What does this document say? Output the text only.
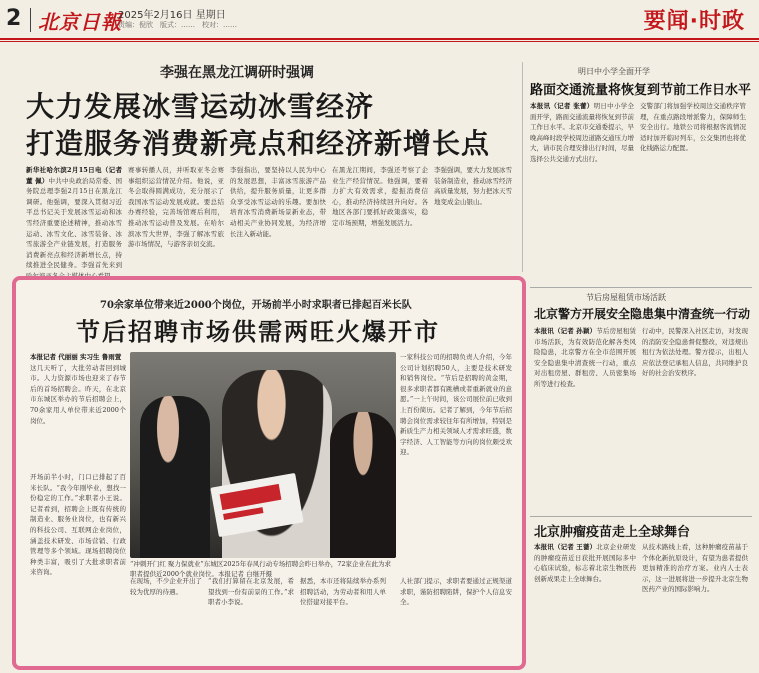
2 北京日報
2025年2月16日 星期日
责编：倪欣　版式：……　校对：……	要闻·时政
李强在黑龙江调研时强调
大力发展冰雪运动冰雪经济
打造服务消费新亮点和经济新增长点
新华社哈尔滨2月15日电（记者 董 佩）中共中央政治局常委、国务院总理李强2月15日在黑龙江调研。他强调，要深入贯彻习近平总书记关于发展冰雪运动和冰雪经济重要论述精神，推动冰雪运动、冰雪文化、冰雪装备、冰雪旅游全产业链发展，打造服务消费新亮点和经济新增长点，持续推进全民健身。李强首先来到
赛事转播人员，并听取亚冬会赛事组织运营情况介绍。他说，亚冬会取得圆满成功，充分展示了我国冰雪运动发展成就。要总结办赛经验，完善场馆赛后利用，推动冰雪运动普及发展。在哈尔滨冰雪大世界，李强了解冰雪旅游市场情况，与游客亲切交流。
李强指出，要坚持以人民为中心的发展思想，丰富冰雪旅游产品供给，提升服务质量，让更多群众享受冰雪运动的乐趣。要加快培育冰雪消费新场景新业态，带动相关产业协同发展，为经济增长注入新动能。
在黑龙江期间，李强还考察了企业生产经营情况。他强调，要着力扩大有效需求，提振消费信心，推动经济持续回升向好。各地区各部门要抓好政策落实，稳定市场预期，增强发展活力。
李强强调，要大力发展冰雪装备制造业，推动冰雪经济高质量发展，努力把冰天雪地变成金山银山。
明日中小学全面开学
路面交通流量将恢复到节前工作日水平
本报讯（记者 张蕾）明日中小学全面开学，路面交通流量将恢复到节前工作日水平。北京市交通委提示，早晚高峰时段学校周边道路交通压力增大，请市民合理安排出行时间，尽量选择公共交通方式出行。
交警部门将加强学校周边交通秩序管理，在重点路段增派警力，保障师生安全出行。地铁公司将根据客流情况适时加开临时列车，公交集团也将优化线路运力配置。
70余家单位带来近2000个岗位，开场前半小时求职者已排起百米长队
节后招聘市场供需两旺火爆开市
本报记者 代丽丽 实习生 鲁雨萱
这几天听了，大批劳动者回到城市。人力资源市场也迎来了春节后的首场招聘会。昨天，在北京市东城区举办的节后招聘会上，70余家用人单位带来近2000个岗位。
“冲刺开门红 聚力保就业”东城区2025年春风行动专场招聘会昨日举办，72家企业在此为求职者提供近2000个就业岗位。本报记者 白继开摄
开场前半小时，门口已排起了百米长队。“我今年刚毕业，想找一份稳定的工作。”求职者小王说。记者看到，招聘会上既有传统的制造业、服务业岗位，也有新兴的科技公司、互联网企业岗位，涵盖技术研发、市场营销、行政管理等多个领域。现场招聘岗位种类丰富，吸引了大批求职者前来咨询。
一家科技公司的招聘负责人介绍，今年公司计划招聘50人，主要是技术研发和销售岗位。“节后是招聘的黄金期，很多求职者都有跳槽或者重新就业的意愿。”一上午时间，该公司展位前已收到上百份简历。记者了解到，今年节后招聘会岗位需求较往年有所增加，特别是新质生产力相关领域人才需求旺盛，数字经济、人工智能等方向的岗位颇受欢迎。
在现场，不少企业开出了较为优厚的待遇。
“我们打算留在北京发展，希望找到一份有前景的工作。”求职者小李说。
据悉，本市还将陆续举办系列招聘活动，为劳动者和用人单位搭建对接平台。
人社部门提示，求职者要通过正规渠道求职，谨防招聘陷阱，保护个人信息安全。
节后房屋租赁市场活跃
北京警方开展安全隐患集中清查统一行动
本报讯（记者 孙颖）节后房屋租赁市场活跃，为有效防范化解各类风险隐患，北京警方在全市范围开展安全隐患集中清查统一行动，重点对出租房屋、群租房、人员密集场所等进行检查。
行动中，民警深入社区走访，对发现的消防安全隐患督促整改，对违规出租行为依法处理。警方提示，出租人应依法登记承租人信息，共同维护良好的社会治安秩序。
北京肿瘤疫苗走上全球舞台
本报讯（记者 王蔷）北京企业研发的肿瘤疫苗近日获批开展国际多中心临床试验，标志着北京生物医药创新成果走上全球舞台。
从技术路线上看，这种肿瘤疫苗基于个体化新抗原设计，有望为患者提供更加精准的治疗方案。业内人士表示，这一进展将进一步提升北京生物医药产业的国际影响力。
